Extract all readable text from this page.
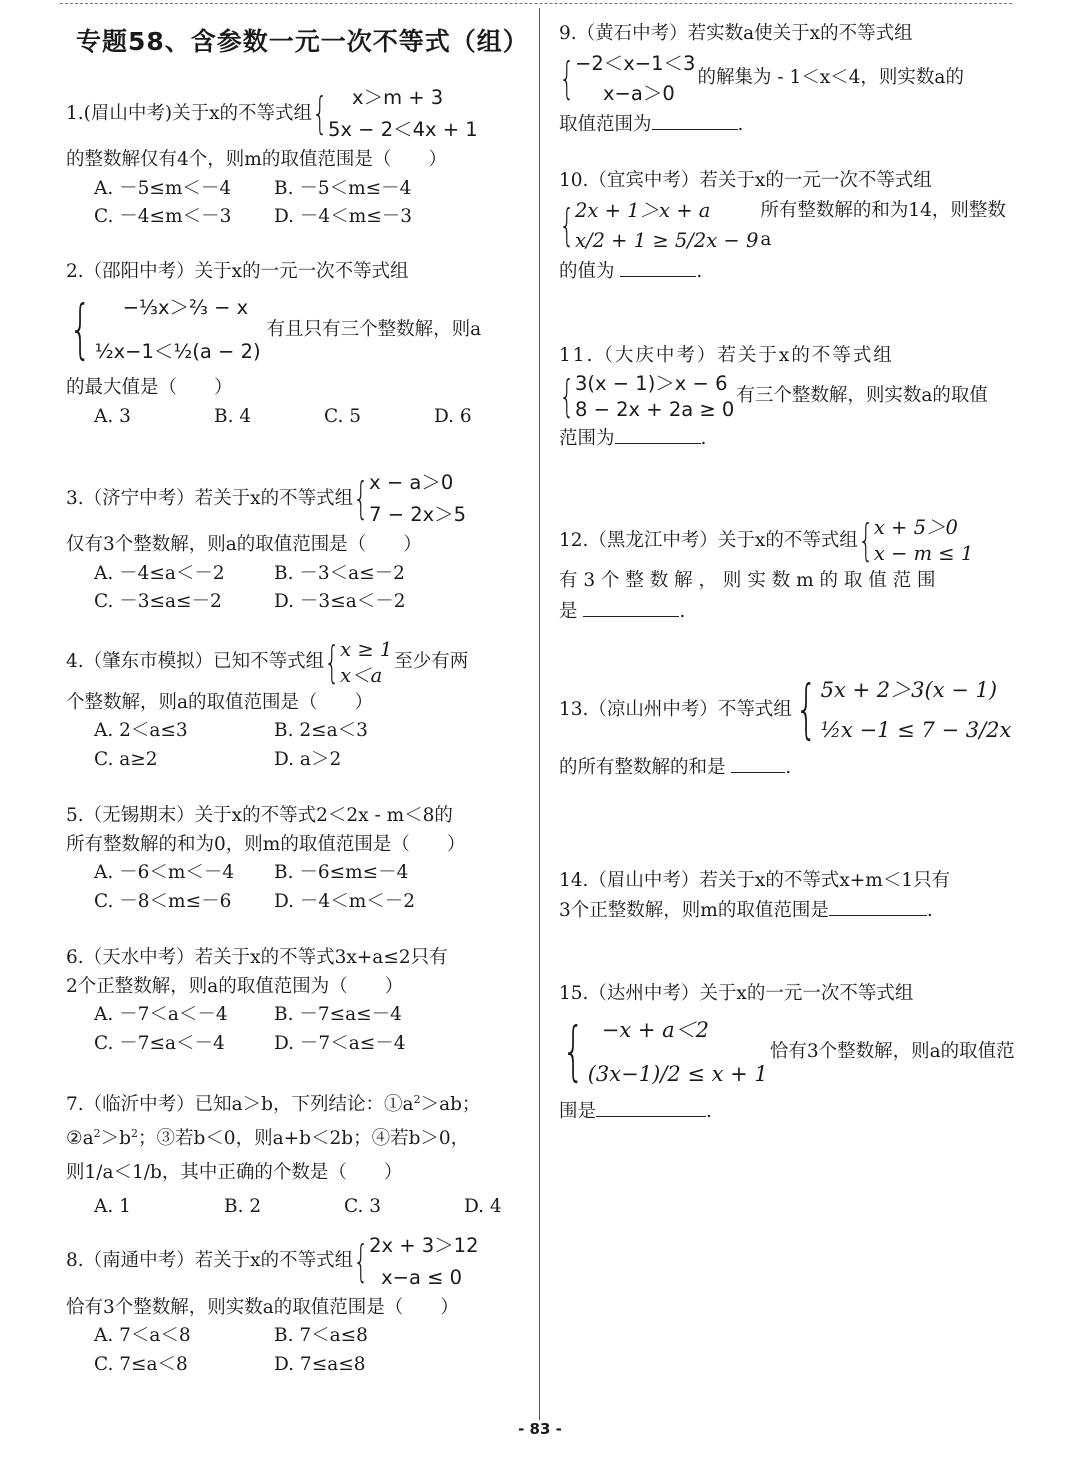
专题58、含参数一元一次不等式（组）
1.(眉山中考)关于x的不等式组 {	x＞m + 3
5x − 2＜4x + 1
的整数解仅有4个，则m的取值范围是（　　）
A. －5≤m＜－4	B. －5＜m≤－4
C. －4≤m＜－3	D. －4＜m≤－3
2.（邵阳中考）关于x的一元一次不等式组
{	−⅓x＞⅔ − x
½x−1＜½(a − 2)
有且只有三个整数解，则a
的最大值是（　　）
A. 3	B. 4	C. 5	D. 6
3.（济宁中考）若关于x的不等式组 { x − a＞0
7 − 2x＞5
仅有3个整数解，则a的取值范围是（　　）
A. －4≤a＜－2	B. －3＜a≤－2
C. －3≤a≤－2	D. －3≤a＜－2
4.（肇东市模拟）已知不等式组 { x ≥ 1
x＜a
至少有两
个整数解，则a的取值范围是（　　）
A. 2＜a≤3	B. 2≤a＜3
C. a≥2	D. a＞2
5.（无锡期末）关于x的不等式2＜2x - m＜8的
所有整数解的和为0，则m的取值范围是（　　）
A. －6＜m＜－4	B. －6≤m≤－4
C. －8＜m≤－6	D. －4＜m＜－2
6.（天水中考）若关于x的不等式3x+a≤2只有
2个正整数解，则a的取值范围为（　　）
A. －7＜a＜－4	B. －7≤a≤－4
C. －7≤a＜－4	D. －7＜a≤－4
7.（临沂中考）已知a＞b，下列结论：$①a^2>ab$；
$②a^2>b^2$；③若b＜0，则a+b＜2b；④若b＞0，
则1/a＜1/b，其中正确的个数是（　　）
A. 1	B. 2	C. 3	D. 4
8.（南通中考）若关于x的不等式组 { 2x + 3＞12
x−a ≤ 0
恰有3个整数解，则实数a的取值范围是（　　）
A. 7＜a＜8	B. 7＜a≤8
C. 7≤a＜8	D. 7≤a≤8
9.（黄石中考）若实数a使关于x的不等式组
{ −2＜x−1＜3
x−a＞0
的解集为 - 1＜x＜4，则实数a的
取值范围为	.
10.（宜宾中考）若关于x的一元一次不等式组
{ 2x + 1＞x + a
x/2 + 1 ≥ 5/2x − 9
所有整数解的和为14，则整数a
的值为	.
11.（大庆中考）若关于x的不等式组
{ 3(x − 1)＞x − 6
8 − 2x + 2a ≥ 0
有三个整数解，则实数a的取值
范围为	.
12.（黑龙江中考）关于x的不等式组 { x + 5＞0
x − m ≤ 1
有 3 个 整 数 解 ， 则 实 数 m 的 取 值 范 围
是	.
13.（凉山州中考）不等式组 { 5x + 2＞3(x − 1)
½x −1 ≤ 7 − 3/2x
的所有整数解的和是	.
14.（眉山中考）若关于x的不等式x+m＜1只有
3个正整数解，则m的取值范围是	.
15.（达州中考）关于x的一元一次不等式组
{ −x + a＜2
(3x−1)/2 ≤ x + 1
恰有3个整数解，则a的取值范
围是	.
- 83 -
